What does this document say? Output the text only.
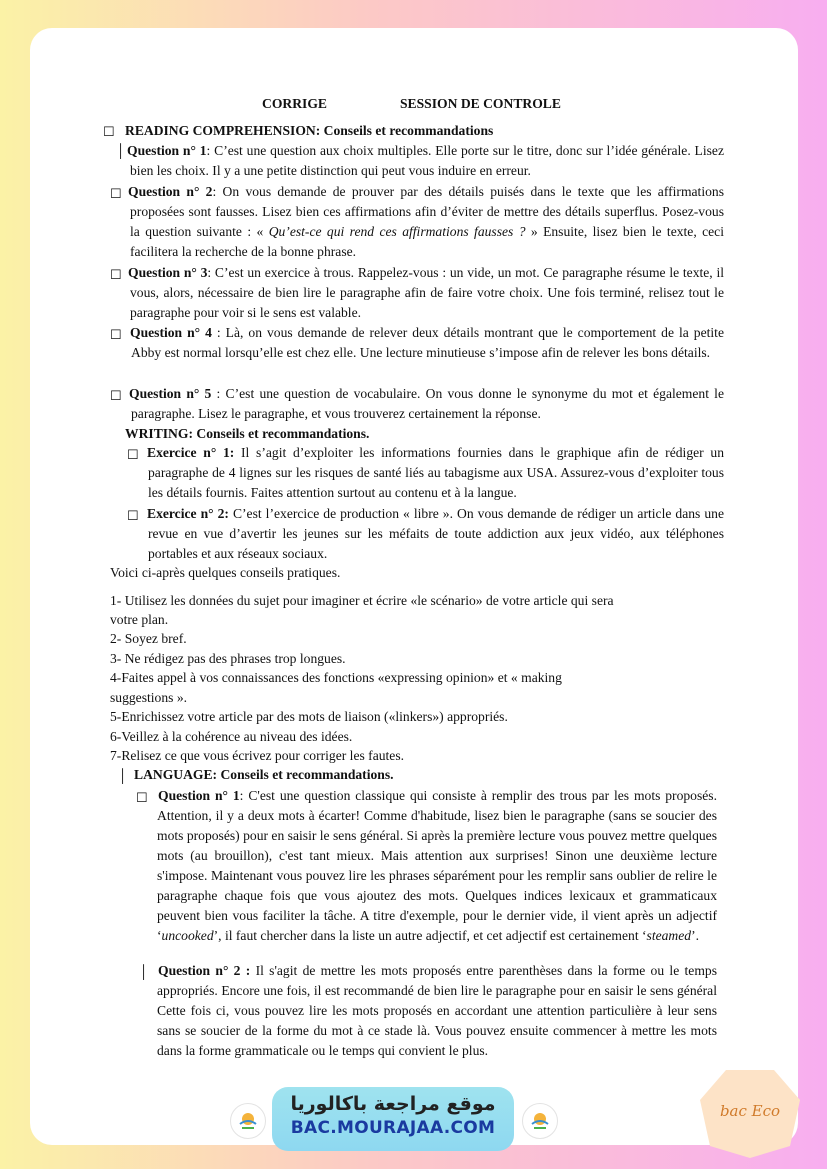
CORRIGE	SESSION DE CONTROLE
☐ READING COMPREHENSION: Conseils et recommandations
│ Question n° 1: C’est une question aux choix multiples. Elle porte sur le titre, donc sur l’idée générale. Lisez bien les choix. Il y a une petite distinction qui peut vous induire en erreur.
☐ Question n° 2: On vous demande de prouver par des détails puisés dans le texte que les affirmations proposées sont fausses. Lisez bien ces affirmations afin d’éviter de mettre des détails superflus. Posez-vous la question suivante : « Qu’est-ce qui rend ces affirmations fausses ? » Ensuite, lisez bien le texte, ceci facilitera la recherche de la bonne phrase.
☐ Question n° 3: C’est un exercice à trous. Rappelez-vous : un vide, un mot. Ce paragraphe résume le texte, il vous, alors, nécessaire de bien lire le paragraphe afin de faire votre choix. Une fois terminé, relisez tout le paragraphe pour voir si le sens est valable.
☐ Question n° 4 : Là, on vous demande de relever deux détails montrant que le comportement de la petite Abby est normal lorsqu’elle est chez elle. Une lecture minutieuse s’impose afin de relever les bons détails.
☐ Question n° 5 : C’est une question de vocabulaire. On vous donne le synonyme du mot et également le paragraphe. Lisez le paragraphe, et vous trouverez certainement la réponse.
WRITING: Conseils et recommandations.
☐ Exercice n° 1: Il s’agit d’exploiter les informations fournies dans le graphique afin de rédiger un paragraphe de 4 lignes sur les risques de santé liés au tabagisme aux USA. Assurez-vous d’exploiter tous les détails fournis. Faites attention surtout au contenu et à la langue.
☐ Exercice n° 2: C’est l’exercice de production « libre ». On vous demande de rédiger un article dans une revue en vue d’avertir les jeunes sur les méfaits de toute addiction aux jeux vidéo, aux téléphones portables et aux réseaux sociaux.
Voici ci-après quelques conseils pratiques.
1- Utilisez les données du sujet pour imaginer et écrire «le scénario» de votre article qui sera
votre plan.
2- Soyez bref.
3- Ne rédigez pas des phrases trop longues.
4-Faites appel à vos connaissances des fonctions «expressing opinion» et « making
suggestions ».
5-Enrichissez votre article par des mots de liaison («linkers») appropriés.
6-Veillez à la cohérence au niveau des idées.
7-Relisez ce que vous écrivez pour corriger les fautes.
│ LANGUAGE: Conseils et recommandations.
☐ Question n° 1: C'est une question classique qui consiste à remplir des trous par les mots proposés. Attention, il y a deux mots à écarter! Comme d'habitude, lisez bien le paragraphe (sans se soucier des mots proposés) pour en saisir le sens général. Si après la première lecture vous pouvez mettre quelques mots (au brouillon), c'est tant mieux. Mais attention aux surprises! Sinon une deuxième lecture s'impose. Maintenant vous pouvez lire les phrases séparément pour les remplir sans oublier de relire le paragraphe chaque fois que vous ajoutez des mots. Quelques indices lexicaux et grammaticaux peuvent bien vous faciliter la tâche. A titre d'exemple, pour le dernier vide, il vient après un adjectif ‘uncooked’, il faut chercher dans la liste un autre adjectif, et cet adjectif est certainement ‘steamed’.
│ Question n° 2 : Il s'agit de mettre les mots proposés entre parenthèses dans la forme ou le temps appropriés. Encore une fois, il est recommandé de bien lire le paragraphe pour en saisir le sens général Cette fois ci, vous pouvez lire les mots proposés en accordant une attention particulière à leur sens sans se soucier de la forme du mot à ce stade là. Vous pouvez ensuite commencer à mettre les mots dans la forme grammaticale ou le temps qui convient le plus.
موقع مراجعة باكالوريا
BAC.MOURAJAA.COM
bac Eco
